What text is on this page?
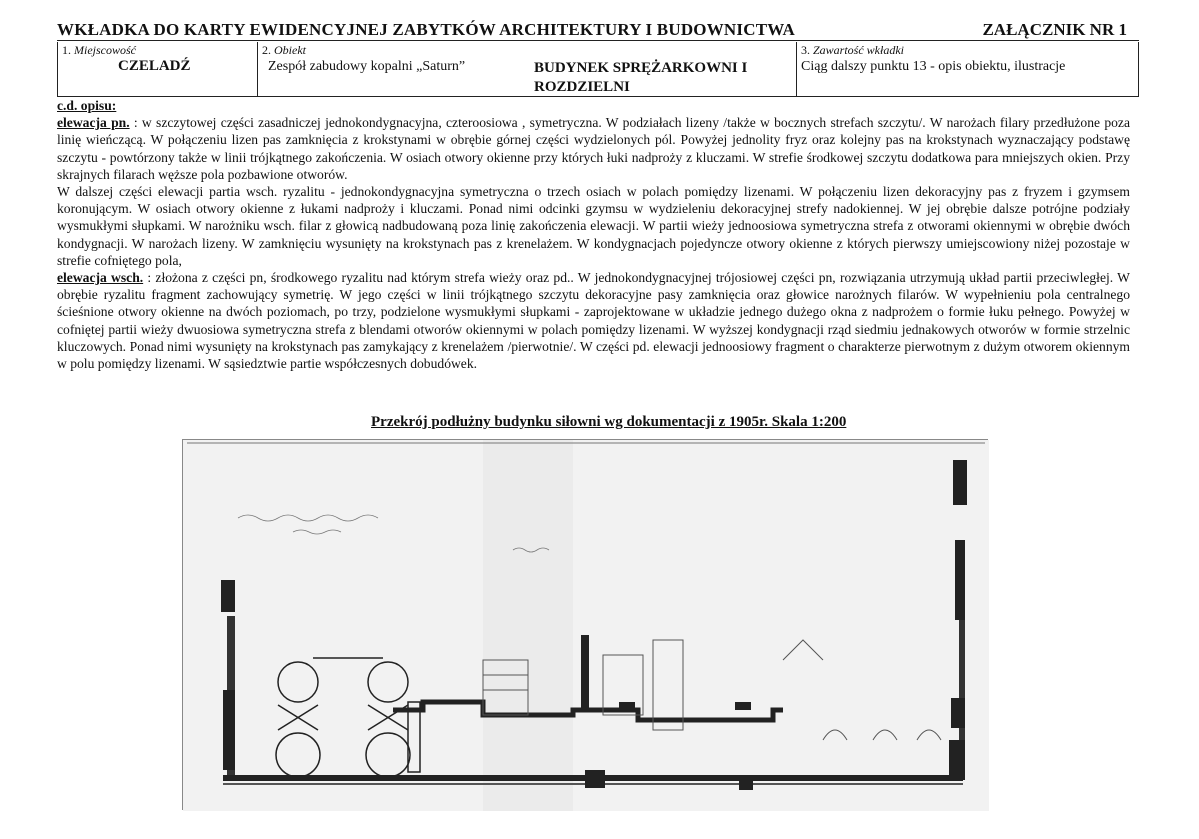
WKŁADKA DO KARTY EWIDENCYJNEJ ZABYTKÓW ARCHITEKTURY I BUDOWNICTWA	ZAŁĄCZNIK NR 1
1. Miejscowość
CZELADŹ
2. Obiekt
Zespół zabudowy kopalni „Saturn”	BUDYNEK SPRĘŻARKOWNI I ROZDZIELNI
3. Zawartość wkładki
Ciąg dalszy punktu 13 - opis obiektu, ilustracje

c.d. opisu:

elewacja pn. : w szczytowej części zasadniczej jednokondygnacyjna, czteroosiowa , symetryczna. W podziałach lizeny /także w bocznych strefach szczytu/. W narożach filary przedłużone poza linię wieńczącą. W połączeniu lizen pas zamknięcia z krokstynami w obrębie górnej części wydzielonych pól. Powyżej jednolity fryz oraz kolejny pas na krokstynach wyznaczający podstawę szczytu - powtórzony także w linii trójkątnego zakończenia. W osiach otwory okienne przy których łuki nadproży z kluczami. W strefie środkowej szczytu dodatkowa para mniejszych okien. Przy skrajnych filarach węższe pola pozbawione otworów.

W dalszej części elewacji partia wsch. ryzalitu - jednokondygnacyjna symetryczna o trzech osiach w polach pomiędzy lizenami. W połączeniu lizen dekoracyjny pas z fryzem i gzymsem koronującym. W osiach otwory okienne z łukami nadproży i kluczami. Ponad nimi odcinki gzymsu w wydzieleniu dekoracyjnej strefy nadokiennej. W jej obrębie dalsze potrójne podziały wysmukłymi słupkami. W narożniku wsch. filar z głowicą nadbudowaną poza linię zakończenia elewacji. W partii wieży jednoosiowa symetryczna strefa z otworami okiennymi w obrębie dwóch kondygnacji. W narożach lizeny. W zamknięciu wysunięty na krokstynach pas z krenelażem. W kondygnacjach pojedyncze otwory okienne z których pierwszy umiejscowiony niżej pozostaje w strefie cofniętego pola,

elewacja wsch. : złożona z części pn, środkowego ryzalitu nad którym strefa wieży oraz pd.. W jednokondygnacyjnej trójosiowej części pn, rozwiązania utrzymują układ partii przeciwległej. W obrębie ryzalitu fragment zachowujący symetrię. W jego części w linii trójkątnego szczytu dekoracyjne pasy zamknięcia oraz głowice narożnych filarów. W wypełnieniu pola centralnego ścieśnione otwory okienne na dwóch poziomach, po trzy, podzielone wysmukłymi słupkami - zaprojektowane w układzie jednego dużego okna z nadprożem o formie łuku pełnego. Powyżej w cofniętej partii wieży dwuosiowa symetryczna strefa z blendami otworów okiennymi w polach pomiędzy lizenami. W wyższej kondygnacji rząd siedmiu jednakowych otworów w formie strzelnic kluczowych. Ponad nimi wysunięty na krokstynach pas zamykający z krenelażem /pierwotnie/. W części pd. elewacji jednoosiowy fragment o charakterze pierwotnym z dużym otworem okiennym w polu pomiędzy lizenami. W sąsiedztwie partie współczesnych dobudówek.

Przekrój podłużny budynku siłowni wg dokumentacji z 1905r. Skala 1:200
